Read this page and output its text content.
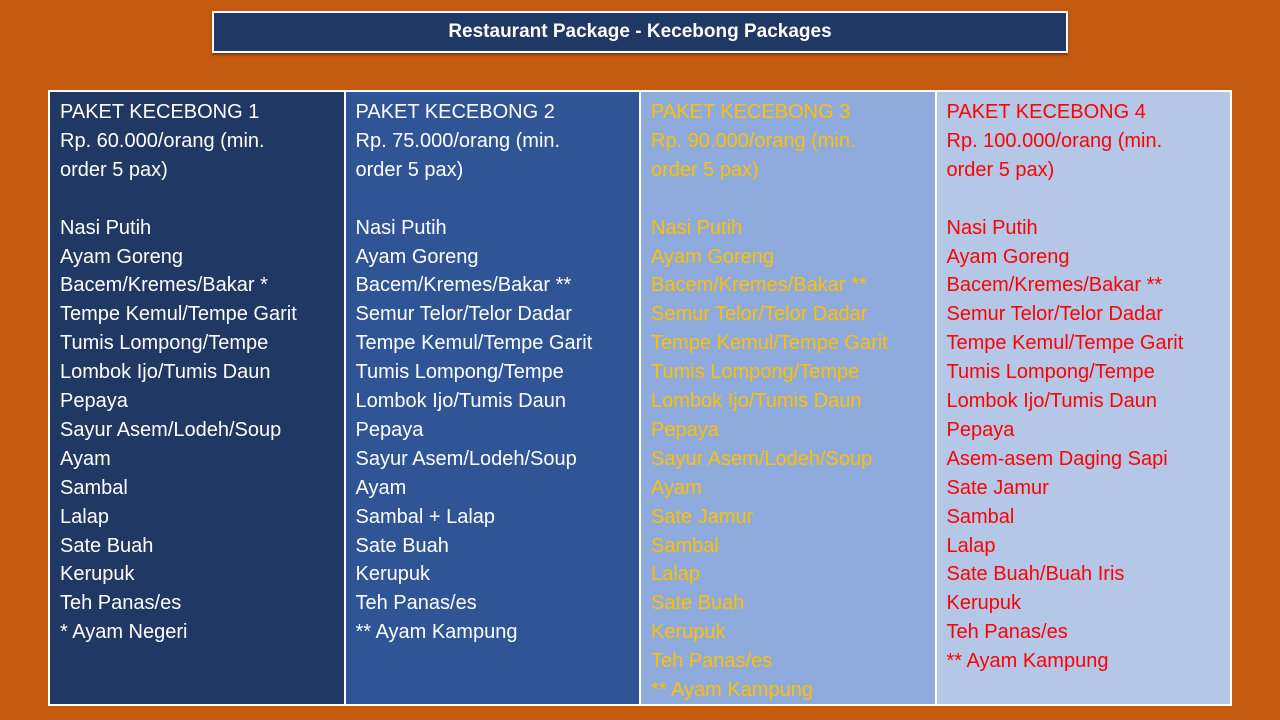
Restaurant Package - Kecebong Packages
PAKET KECEBONG 1
Rp. 60.000/orang (min.
order 5 pax)
Nasi Putih
Ayam Goreng
Bacem/Kremes/Bakar *
Tempe Kemul/Tempe Garit
Tumis Lompong/Tempe
Lombok Ijo/Tumis Daun
Pepaya
Sayur Asem/Lodeh/Soup
Ayam
Sambal
Lalap
Sate Buah
Kerupuk
Teh Panas/es
* Ayam Negeri
PAKET KECEBONG 2
Rp. 75.000/orang (min.
order 5 pax)
Nasi Putih
Ayam Goreng
Bacem/Kremes/Bakar **
Semur Telor/Telor Dadar
Tempe Kemul/Tempe Garit
Tumis Lompong/Tempe
Lombok Ijo/Tumis Daun
Pepaya
Sayur Asem/Lodeh/Soup
Ayam
Sambal + Lalap
Sate Buah
Kerupuk
Teh Panas/es
** Ayam Kampung
PAKET KECEBONG 3
Rp. 90.000/orang (min.
order 5 pax)
Nasi Putih
Ayam Goreng
Bacem/Kremes/Bakar **
Semur Telor/Telor Dadar
Tempe Kemul/Tempe Garit
Tumis Lompong/Tempe
Lombok Ijo/Tumis Daun
Pepaya
Sayur Asem/Lodeh/Soup
Ayam
Sate Jamur
Sambal
Lalap
Sate Buah
Kerupuk
Teh Panas/es
** Ayam Kampung
PAKET KECEBONG 4
Rp. 100.000/orang (min.
order 5 pax)
Nasi Putih
Ayam Goreng
Bacem/Kremes/Bakar **
Semur Telor/Telor Dadar
Tempe Kemul/Tempe Garit
Tumis Lompong/Tempe
Lombok Ijo/Tumis Daun
Pepaya
Asem-asem Daging Sapi
Sate Jamur
Sambal
Lalap
Sate Buah/Buah Iris
Kerupuk
Teh Panas/es
** Ayam Kampung
